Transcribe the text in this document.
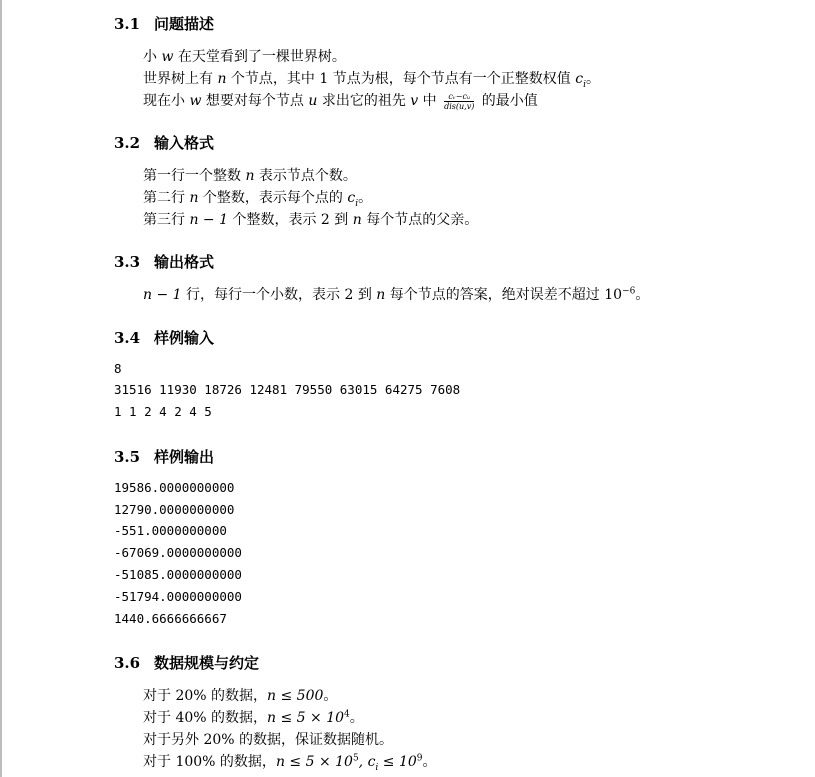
3.1 问题描述
小 w 在天堂看到了一棵世界树。
世界树上有 n 个节点，其中 1 节点为根，每个节点有一个正整数权值 $c_i$。
现在小 w 想要对每个节点 u 求出它的祖先 v 中 $\frac{\text{cᵥ−cᵤ}}{\text{dis(u,v)}}$ 的最小值
3.2 输入格式
第一行一个整数 n 表示节点个数。
第二行 n 个整数，表示每个点的 $c_i$。
第三行 n − 1 个整数，表示 2 到 n 每个节点的父亲。
3.3 输出格式
n − 1 行，每行一个小数，表示 2 到 n 每个节点的答案，绝对误差不超过 $10^{-6}$。
3.4 样例输入
8
31516 11930 18726 12481 79550 63015 64275 7608
1 1 2 4 2 4 5
3.5 样例输出
19586.0000000000
12790.0000000000
-551.0000000000
-67069.0000000000
-51085.0000000000
-51794.0000000000
1440.6666666667
3.6 数据规模与约定
对于 20% 的数据，n ≤ 500。
对于 40% 的数据，$n \le 5 \times 10^4$。
对于另外 20% 的数据，保证数据随机。
对于 100% 的数据，$n \le 5 \times 10^5$, $c_i \le 10^9$。
